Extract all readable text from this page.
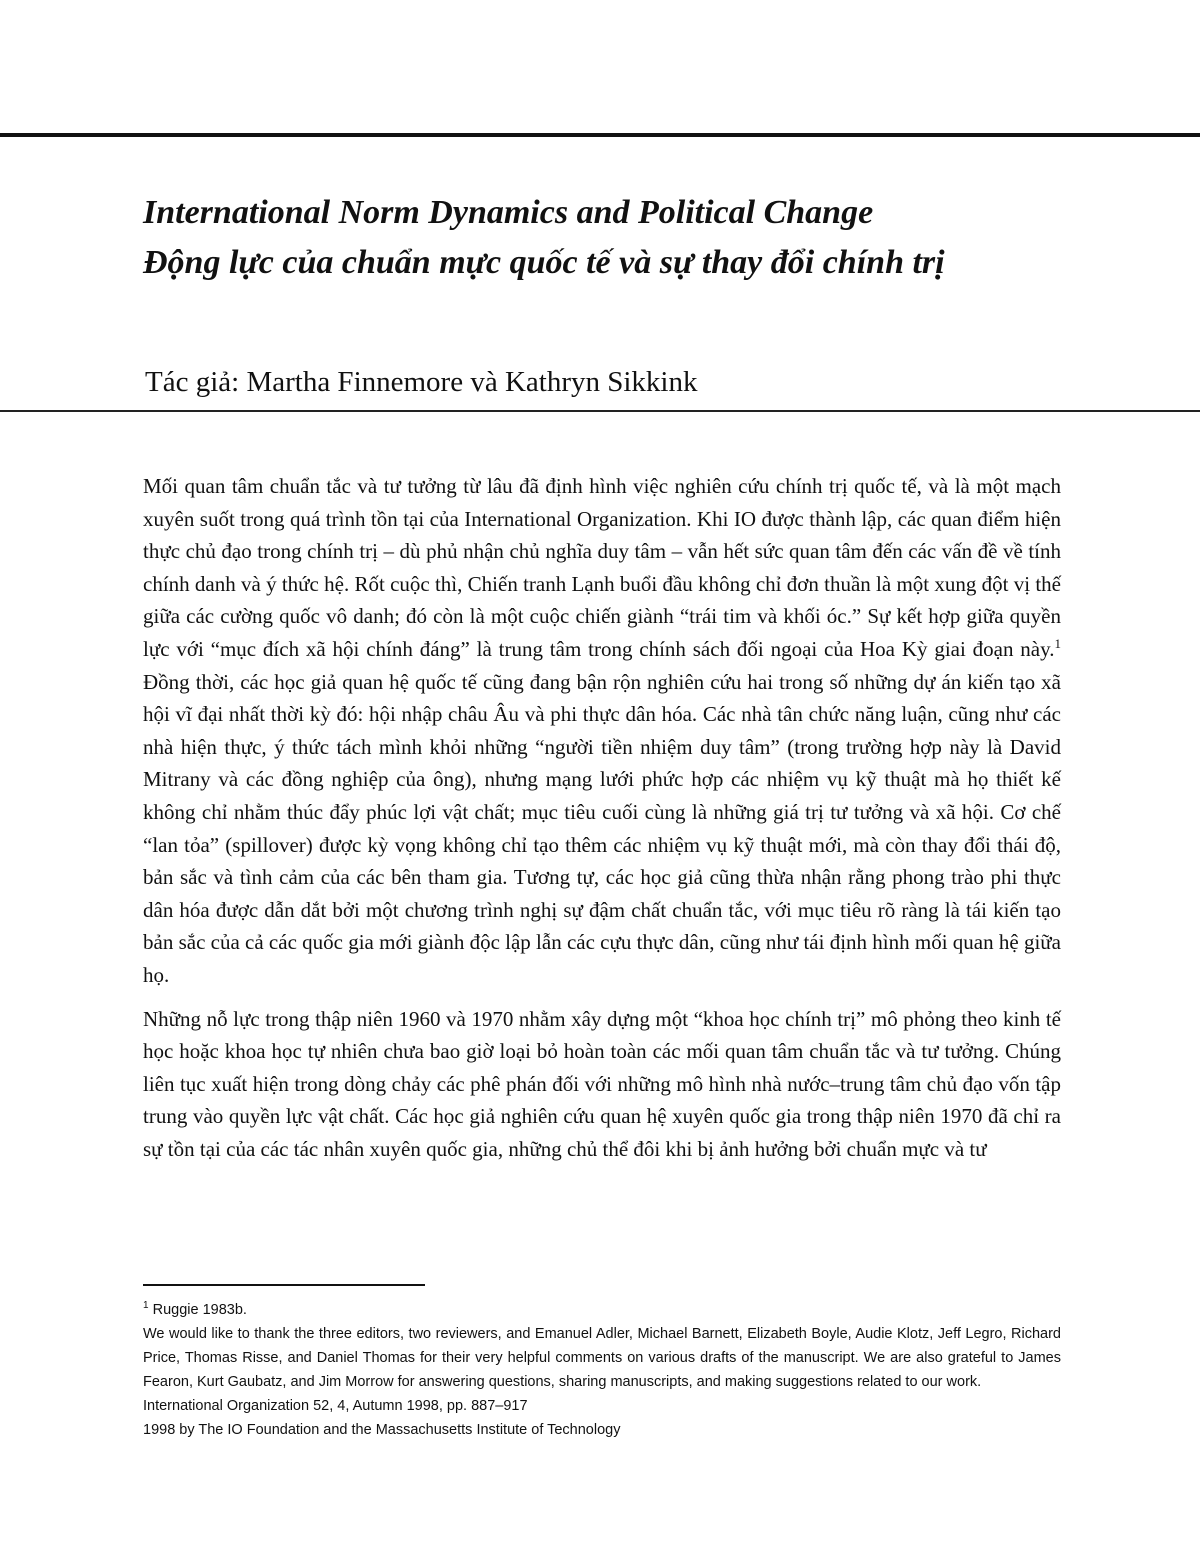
International Norm Dynamics and Political Change
Động lực của chuẩn mực quốc tế và sự thay đổi chính trị
Tác giả: Martha Finnemore và Kathryn Sikkink

Mối quan tâm chuẩn tắc và tư tưởng từ lâu đã định hình việc nghiên cứu chính trị quốc tế, và là một mạch xuyên suốt trong quá trình tồn tại của International Organization. Khi IO được thành lập, các quan điểm hiện thực chủ đạo trong chính trị – dù phủ nhận chủ nghĩa duy tâm – vẫn hết sức quan tâm đến các vấn đề về tính chính danh và ý thức hệ. Rốt cuộc thì, Chiến tranh Lạnh buổi đầu không chỉ đơn thuần là một xung đột vị thế giữa các cường quốc vô danh; đó còn là một cuộc chiến giành “trái tim và khối óc.” Sự kết hợp giữa quyền lực với “mục đích xã hội chính đáng” là trung tâm trong chính sách đối ngoại của Hoa Kỳ giai đoạn này.$^1$ Đồng thời, các học giả quan hệ quốc tế cũng đang bận rộn nghiên cứu hai trong số những dự án kiến tạo xã hội vĩ đại nhất thời kỳ đó: hội nhập châu Âu và phi thực dân hóa. Các nhà tân chức năng luận, cũng như các nhà hiện thực, ý thức tách mình khỏi những “người tiền nhiệm duy tâm” (trong trường hợp này là David Mitrany và các đồng nghiệp của ông), nhưng mạng lưới phức hợp các nhiệm vụ kỹ thuật mà họ thiết kế không chỉ nhằm thúc đẩy phúc lợi vật chất; mục tiêu cuối cùng là những giá trị tư tưởng và xã hội. Cơ chế “lan tỏa” (spillover) được kỳ vọng không chỉ tạo thêm các nhiệm vụ kỹ thuật mới, mà còn thay đổi thái độ, bản sắc và tình cảm của các bên tham gia. Tương tự, các học giả cũng thừa nhận rằng phong trào phi thực dân hóa được dẫn dắt bởi một chương trình nghị sự đậm chất chuẩn tắc, với mục tiêu rõ ràng là tái kiến tạo bản sắc của cả các quốc gia mới giành độc lập lẫn các cựu thực dân, cũng như tái định hình mối quan hệ giữa họ.

Những nỗ lực trong thập niên 1960 và 1970 nhằm xây dựng một “khoa học chính trị” mô phỏng theo kinh tế học hoặc khoa học tự nhiên chưa bao giờ loại bỏ hoàn toàn các mối quan tâm chuẩn tắc và tư tưởng. Chúng liên tục xuất hiện trong dòng chảy các phê phán đối với những mô hình nhà nước–trung tâm chủ đạo vốn tập trung vào quyền lực vật chất. Các học giả nghiên cứu quan hệ xuyên quốc gia trong thập niên 1970 đã chỉ ra sự tồn tại của các tác nhân xuyên quốc gia, những chủ thể đôi khi bị ảnh hưởng bởi chuẩn mực và tư

$^1$ Ruggie 1983b.
We would like to thank the three editors, two reviewers, and Emanuel Adler, Michael Barnett, Elizabeth Boyle, Audie Klotz, Jeff Legro, Richard Price, Thomas Risse, and Daniel Thomas for their very helpful comments on various drafts of the manuscript. We are also grateful to James Fearon, Kurt Gaubatz, and Jim Morrow for answering questions, sharing manuscripts, and making suggestions related to our work.
International Organization 52, 4, Autumn 1998, pp. 887–917
1998 by The IO Foundation and the Massachusetts Institute of Technology
